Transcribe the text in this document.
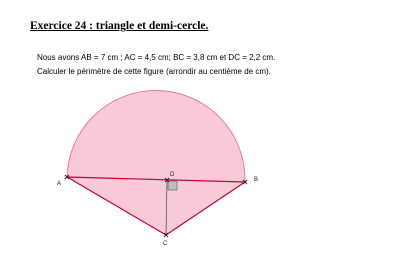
Exercice 24 : triangle et demi-cercle.
Nous avons AB = 7 cm ; AC = 4,5 cm; BC = 3,8 cm et DC = 2,2 cm.
Calculer le périmètre de cette figure (arrondir au centième de cm).
A
B
C
D
